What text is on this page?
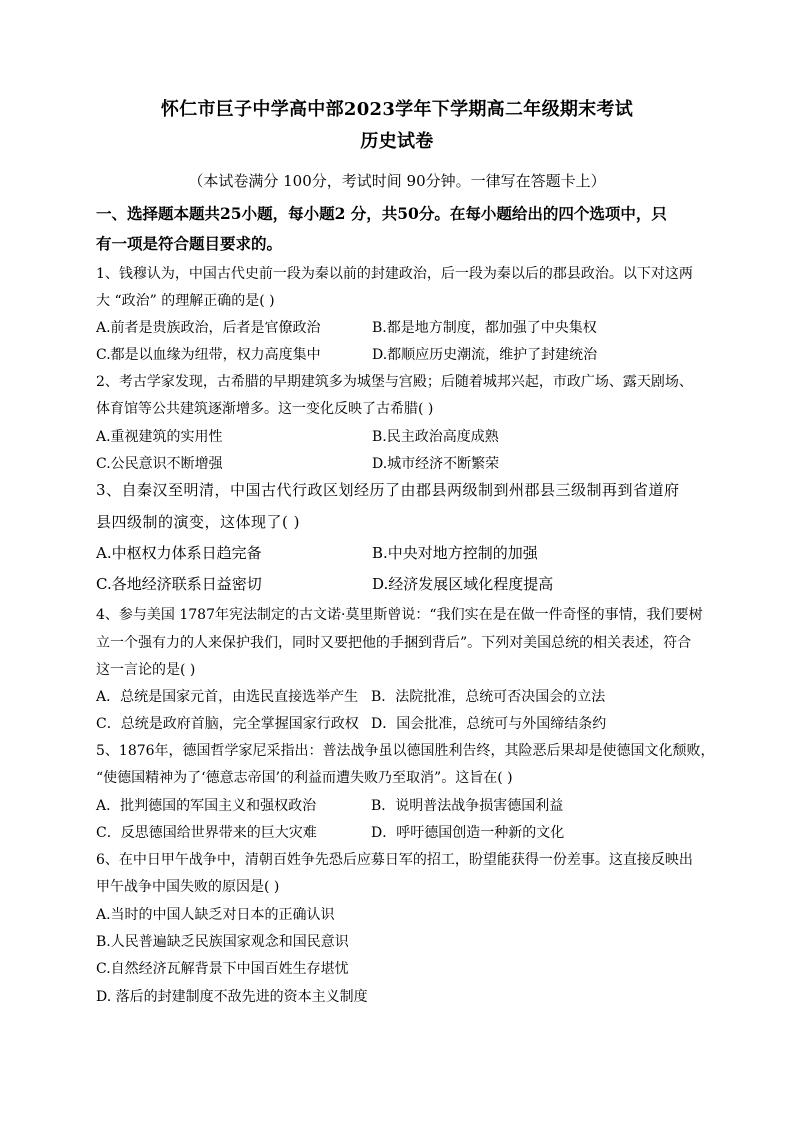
怀仁市巨子中学高中部2023学年下学期高二年级期末考试
历史试卷
（本试卷满分 100分，考试时间 90分钟。一律写在答题卡上）
一、选择题本题共25小题，每小题2 分，共50分。在每小题给出的四个选项中，只
有一项是符合题目要求的。
1、钱穆认为，中国古代史前一段为秦以前的封建政治，后一段为秦以后的郡县政治。以下对这两
大 “政治” 的理解正确的是( )
A.前者是贵族政治，后者是官僚政治	B.都是地方制度，都加强了中央集权
C.都是以血缘为纽带，权力高度集中	D.都顺应历史潮流，维护了封建统治
2、考古学家发现，古希腊的早期建筑多为城堡与宫殿；后随着城邦兴起，市政广场、露天剧场、
体育馆等公共建筑逐渐增多。这一变化反映了古希腊( )
A.重视建筑的实用性	B.民主政治高度成熟
C.公民意识不断增强	D.城市经济不断繁荣
3、自秦汉至明清，中国古代行政区划经历了由郡县两级制到州郡县三级制再到省道府
县四级制的演变，这体现了( )
A.中枢权力体系日趋完备	B.中央对地方控制的加强
C.各地经济联系日益密切	D.经济发展区域化程度提高
4、参与美国 1787年宪法制定的古文诺·莫里斯曾说：“我们实在是在做一件奇怪的事情，我们要树
立一个强有力的人来保护我们，同时又要把他的手捆到背后”。下列对美国总统的相关表述，符合
这一言论的是( )
A．总统是国家元首，由选民直接选举产生 B．法院批准，总统可否决国会的立法
C．总统是政府首脑，完全掌握国家行政权 D．国会批准，总统可与外国缔结条约
5、1876年，德国哲学家尼采指出：普法战争虽以德国胜利告终，其险恶后果却是使德国文化颓败，
“使德国精神为了‘德意志帝国’的利益而遭失败乃至取消”。这旨在( )
A．批判德国的军国主义和强权政治	B．说明普法战争损害德国利益
C．反思德国给世界带来的巨大灾难	D．呼吁德国创造一种新的文化
6、在中日甲午战争中，清朝百姓争先恐后应募日军的招工，盼望能获得一份差事。这直接反映出
甲午战争中国失败的原因是( )
A.当时的中国人缺乏对日本的正确认识
B.人民普遍缺乏民族国家观念和国民意识
C.自然经济瓦解背景下中国百姓生存堪忧
D. 落后的封建制度不敌先进的资本主义制度
